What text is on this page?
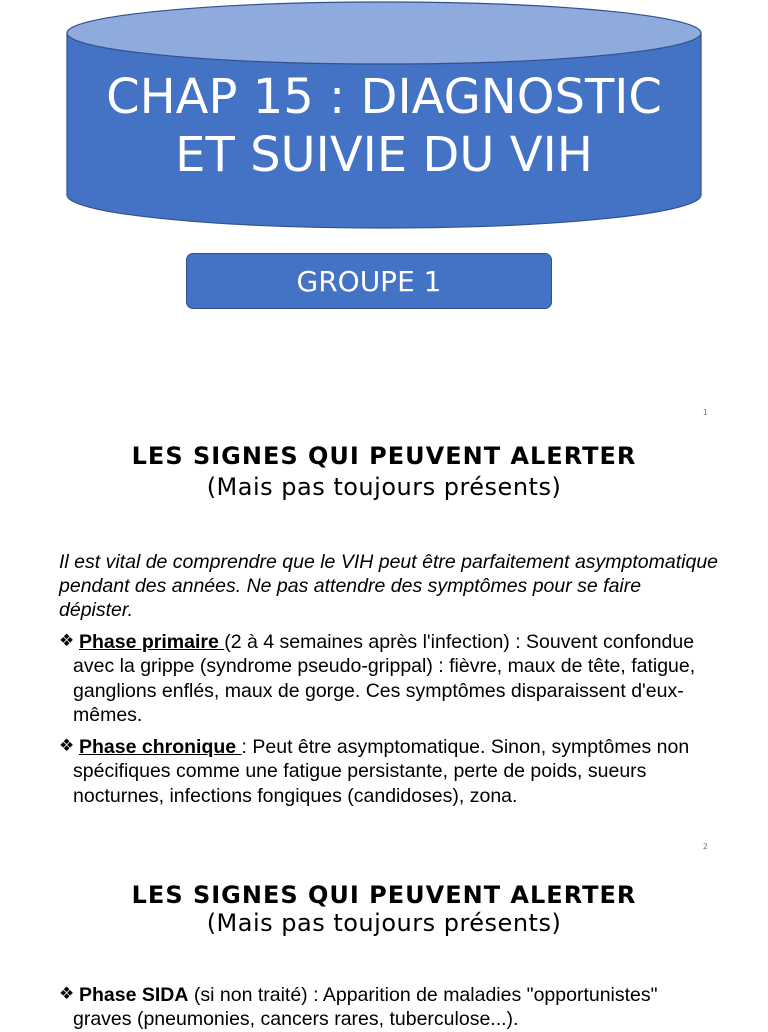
CHAP 15 : DIAGNOSTIC
ET SUIVIE DU VIH
GROUPE 1
1
LES SIGNES QUI PEUVENT ALERTER
(Mais pas toujours présents)
Il est vital de comprendre que le VIH peut être parfaitement asymptomatique pendant des années. Ne pas attendre des symptômes pour se faire dépister.
❖ Phase primaire (2 à 4 semaines après l'infection) : Souvent confondue avec la grippe (syndrome pseudo-grippal) : fièvre, maux de tête, fatigue, ganglions enflés, maux de gorge. Ces symptômes disparaissent d'eux-mêmes.
❖ Phase chronique : Peut être asymptomatique. Sinon, symptômes non spécifiques comme une fatigue persistante, perte de poids, sueurs nocturnes, infections fongiques (candidoses), zona.
2
LES SIGNES QUI PEUVENT ALERTER
(Mais pas toujours présents)
❖ Phase SIDA (si non traité) : Apparition de maladies "opportunistes" graves (pneumonies, cancers rares, tuberculose...).
